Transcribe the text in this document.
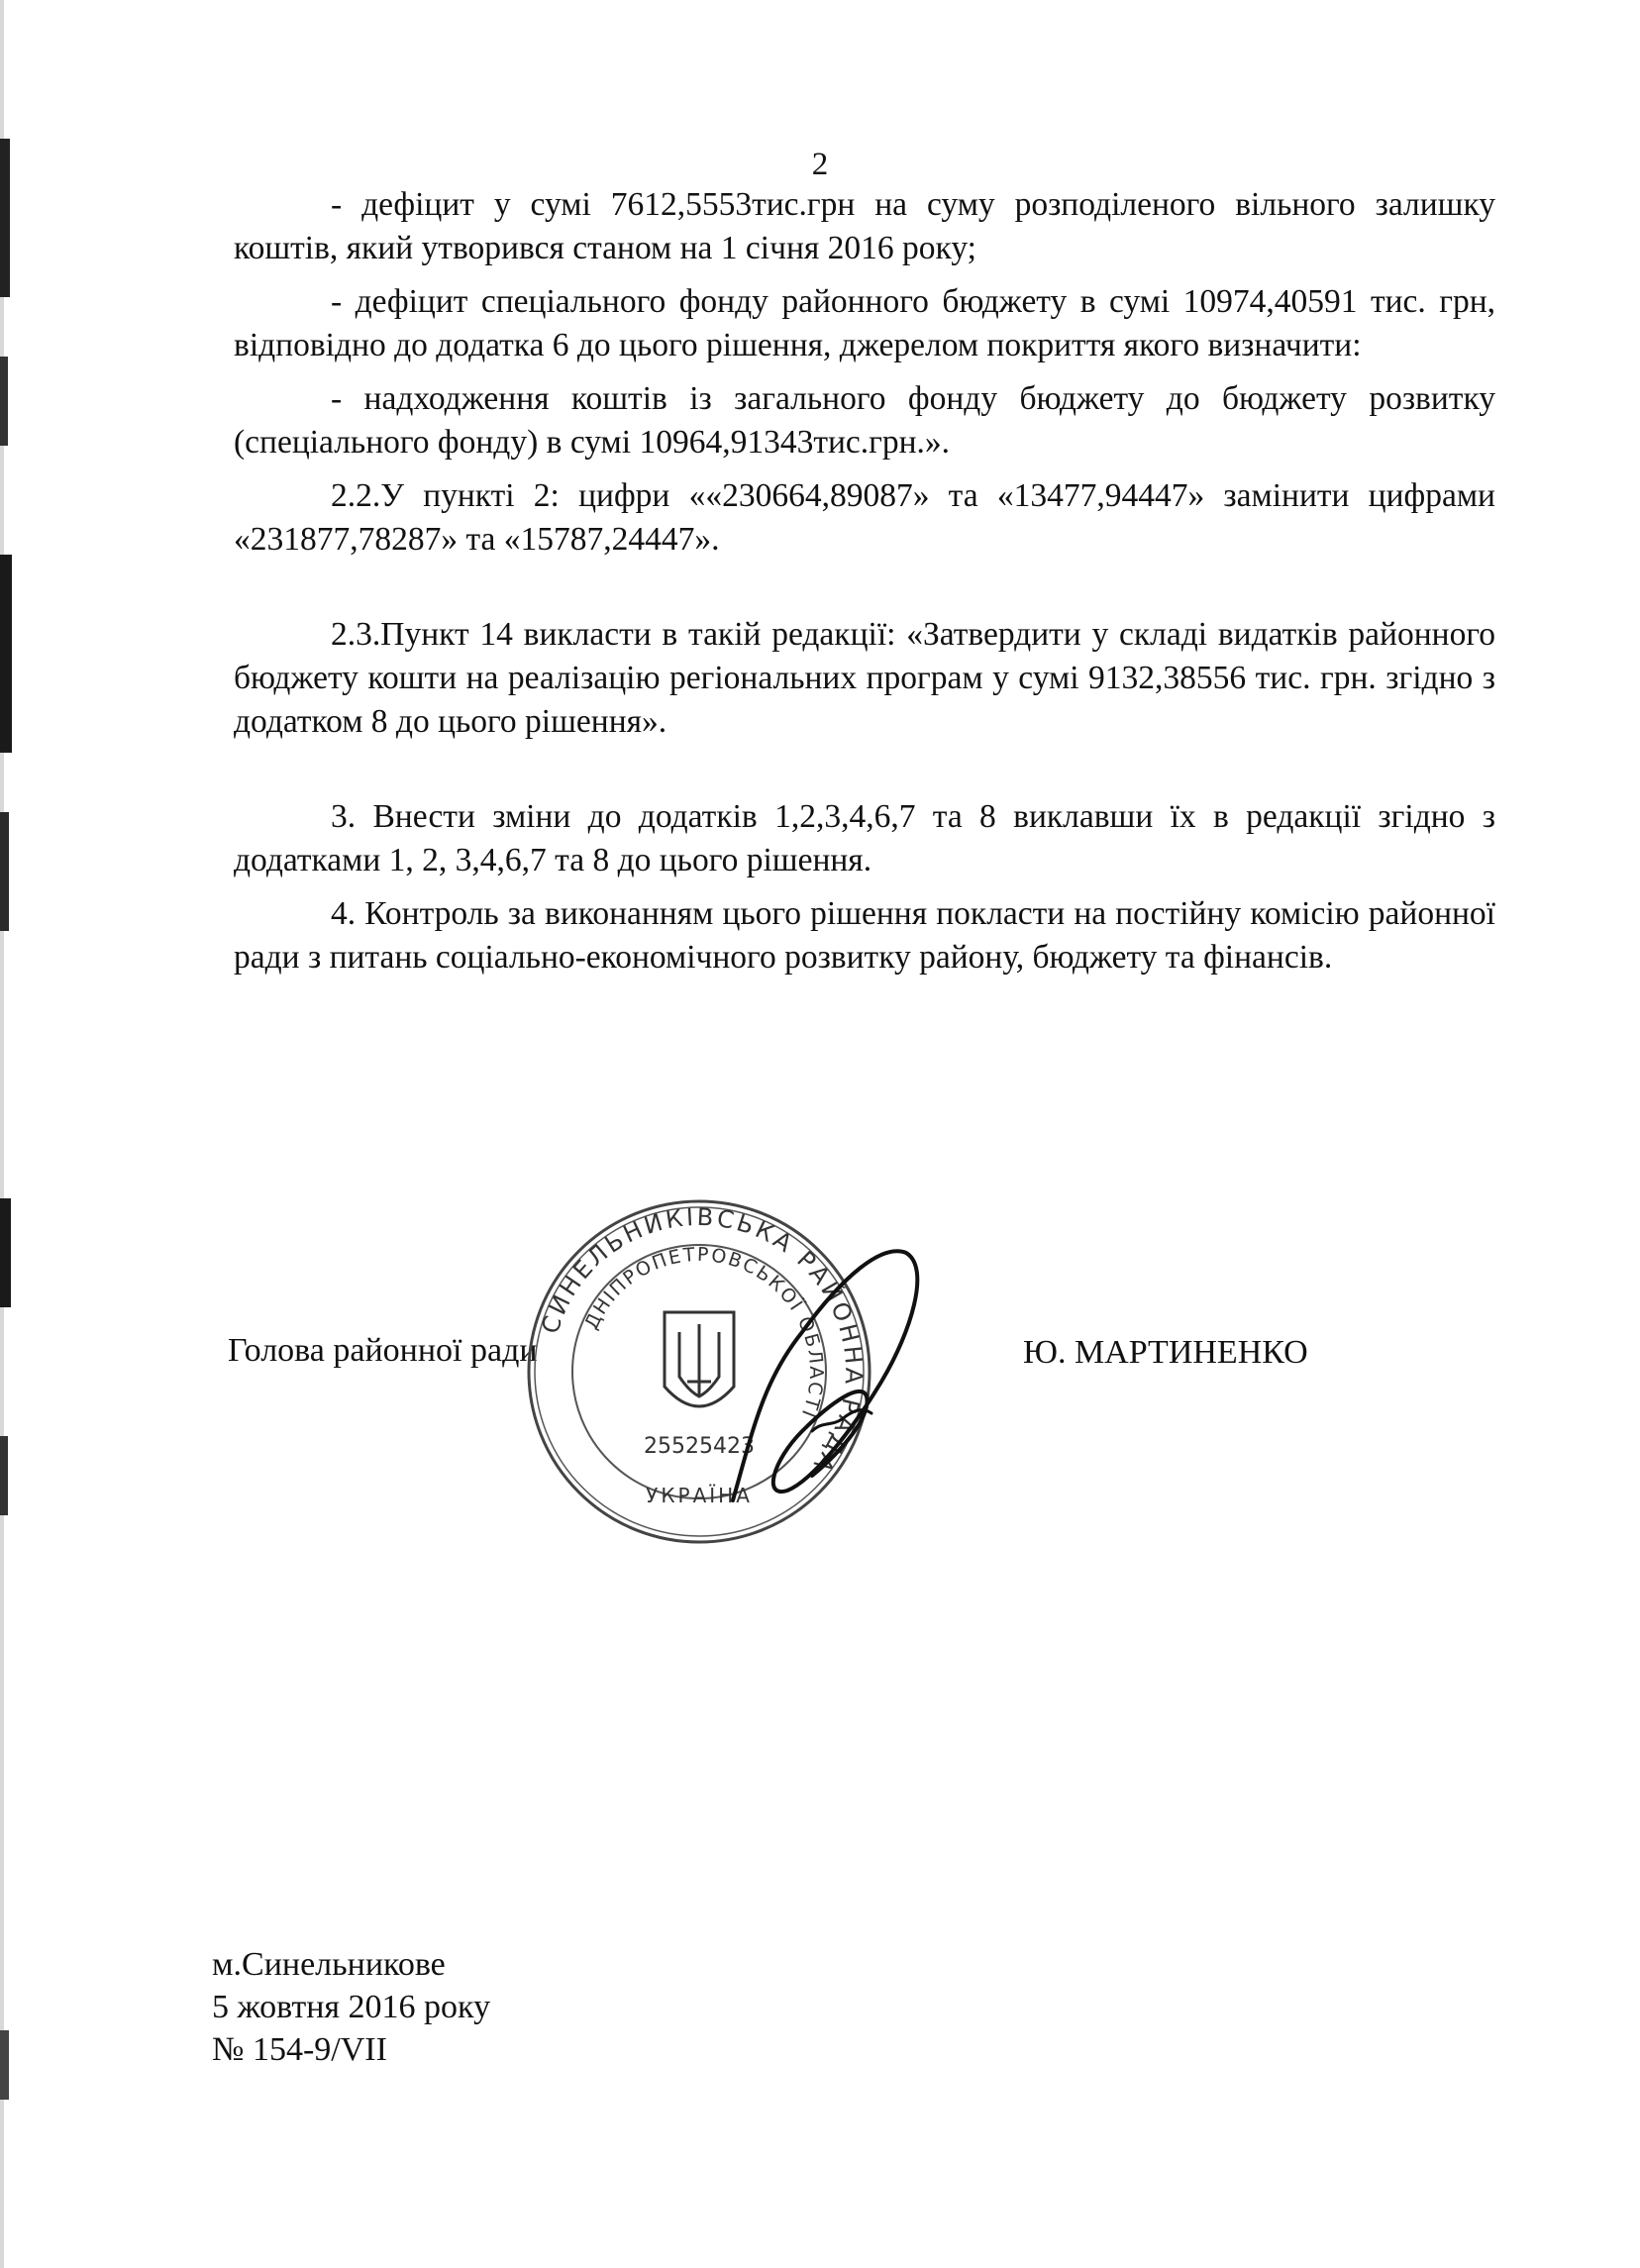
2

- дефіцит у сумі 7612,5553тис.грн на суму розподіленого вільного залишку коштів, який утворився станом на 1 січня 2016 року;

- дефіцит спеціального фонду районного бюджету в сумі 10974,40591 тис. грн, відповідно до додатка 6 до цього рішення, джерелом покриття якого визначити:

- надходження коштів із загального фонду бюджету до бюджету розвитку (спеціального фонду) в сумі 10964,91343тис.грн.».

2.2.У пункті 2: цифри ««230664,89087» та «13477,94447» замінити цифрами «231877,78287» та «15787,24447».

2.3.Пункт 14 викласти в такій редакції: «Затвердити у складі видатків районного бюджету кошти на реалізацію регіональних програм у сумі 9132,38556 тис. грн. згідно з додатком 8 до цього рішення».

3. Внести зміни до додатків 1,2,3,4,6,7 та 8 виклавши їх в редакції згідно з додатками 1, 2, 3,4,6,7 та 8 до цього рішення.

4. Контроль за виконанням цього рішення покласти на постійну комісію районної ради з питань соціально-економічного розвитку району, бюджету та фінансів.

Голова районної ради	Ю. МАРТИНЕНКО
СИНЕЛЬНИКІВСЬКА РАЙОННА РАДА
ДНІПРОПЕТРОВСЬКОЇ ОБЛАСТІ
25525423
УКРАЇНА
м.Синельникове
5 жовтня 2016 року
№ 154-9/VII
